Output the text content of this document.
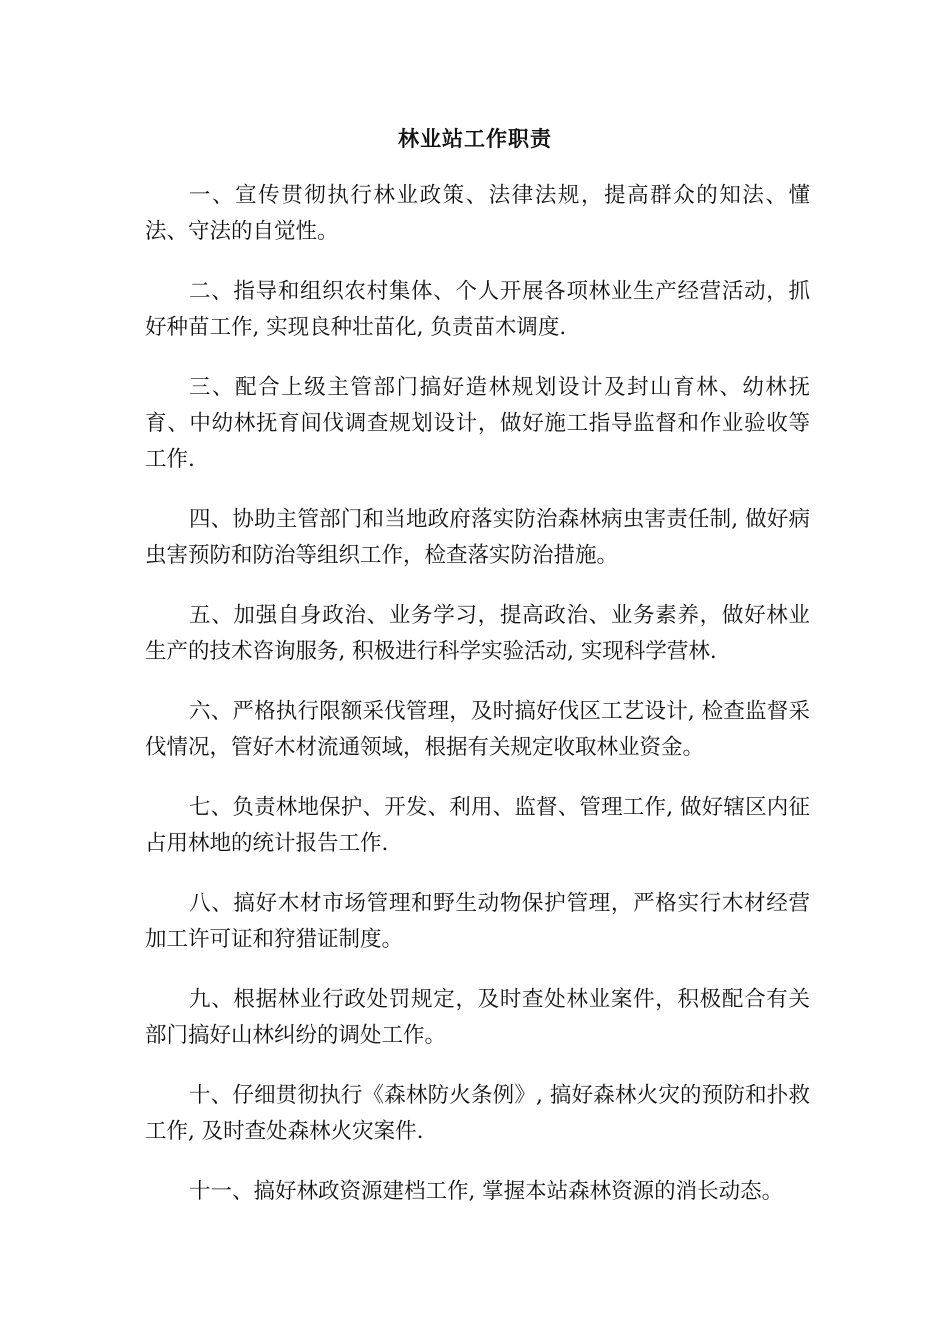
林业站工作职责

一、宣传贯彻执行林业政策、法律法规，提高群众的知法、懂法、守法的自觉性。

二、指导和组织农村集体、个人开展各项林业生产经营活动，抓好种苗工作, 实现良种壮苗化, 负责苗木调度.

三、配合上级主管部门搞好造林规划设计及封山育林、幼林抚育、中幼林抚育间伐调查规划设计，做好施工指导监督和作业验收等工作.

四、协助主管部门和当地政府落实防治森林病虫害责任制, 做好病虫害预防和防治等组织工作，检查落实防治措施。

五、加强自身政治、业务学习，提高政治、业务素养，做好林业生产的技术咨询服务, 积极进行科学实验活动, 实现科学营林.

六、严格执行限额采伐管理，及时搞好伐区工艺设计, 检查监督采伐情况，管好木材流通领域，根据有关规定收取林业资金。

七、负责林地保护、开发、利用、监督、管理工作, 做好辖区内征占用林地的统计报告工作.

八、搞好木材市场管理和野生动物保护管理，严格实行木材经营加工许可证和狩猎证制度。

九、根据林业行政处罚规定，及时查处林业案件，积极配合有关部门搞好山林纠纷的调处工作。

十、仔细贯彻执行《森林防火条例》, 搞好森林火灾的预防和扑救工作, 及时查处森林火灾案件.

十一、搞好林政资源建档工作, 掌握本站森林资源的消长动态。
